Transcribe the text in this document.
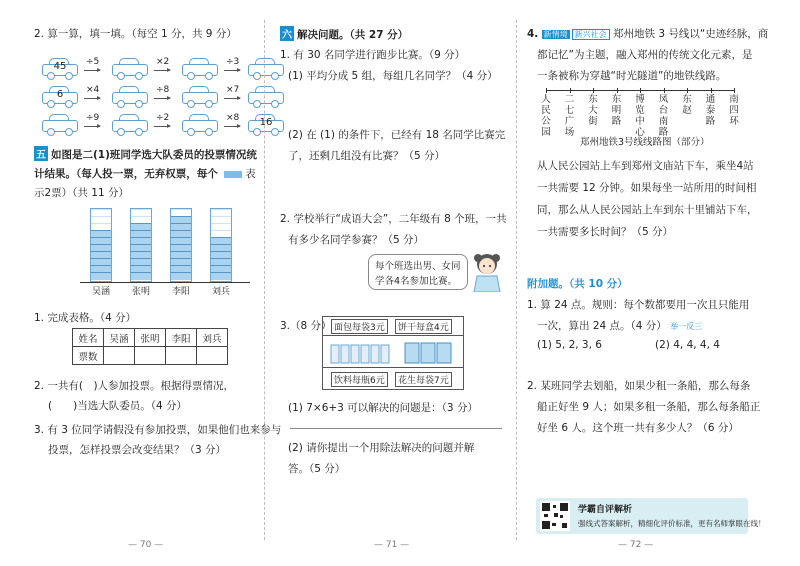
2. 算一算，填一填。（每空 1 分，共 9 分）
45	÷5	×2	÷3
6	×4	÷8	×7
16
÷9	÷2	×8
五 如图是二(1)班同学选大队委员的投票情况统
计结果。（每人投一票，无弃权票，每个	表
示2票）（共 11 分）
吴涵	张明	李阳	刘兵
1. 完成表格。（4 分）
姓名	吴涵	张明	李阳	刘兵
票数				
2. 一共有(　)人参加投票。根据得票情况，
(　　)当选大队委员。（4 分）
3. 有 3 位同学请假没有参加投票，如果他们也来参与
投票，怎样投票会改变结果？（3 分）
— 70 —
六 解决问题。（共 27 分）
1. 有 30 名同学进行跑步比赛。（9 分）
(1) 平均分成 5 组，每组几名同学？（4 分）
(2) 在 (1) 的条件下，已经有 18 名同学比赛完
了，还剩几组没有比赛？（5 分）
2. 学校举行“成语大会”，二年级有 8 个班，一共
有多少名同学参赛？（5 分）
每个班选出男、女同
学各4名参加比赛。
3.（8 分） 面包每袋3元	饼干每盒4元
饮料每瓶6元	花生每袋7元
(1) 7×6+3 可以解决的问题是：（3 分）
(2) 请你提出一个用除法解决的问题并解
答。（5 分）
— 71 —
4. 新情境 新兴社会 郑州地铁 3 号线以“史迹经脉，商
都记忆”为主题，融入郑州的传统文化元素，是
一条被称为穿越“时光隧道”的地铁线路。
人
民
公
园
二
七
广
场
东
大
街
东
明
路
博
览
中
心
凤
台
南
路
东
赵
通
泰
路
南
四
环
郑州地铁3号线线路图（部分）
从人民公园站上车到郑州文庙站下车，乘坐4站
一共需要 12 分钟。如果每坐一站所用的时间相
同，那么从人民公园站上车到东十里铺站下车，
一共需要多长时间？（5 分）
附加题。（共 10 分）
1. 算 24 点。规则：每个数都要用一次且只能用
一次，算出 24 点。（4 分） 举一反三
(1) 5, 2, 3, 6	(2) 4, 4, 4, 4
2. 某班同学去划船，如果少租一条船，那么每条
船正好坐 9 人；如果多租一条船，那么每条船正
好坐 6 人。这个班一共有多少人？（6 分）
学霸自评解析
强线式答案解析，精细化评价标准，更有名师掌眼在线！
— 72 —
